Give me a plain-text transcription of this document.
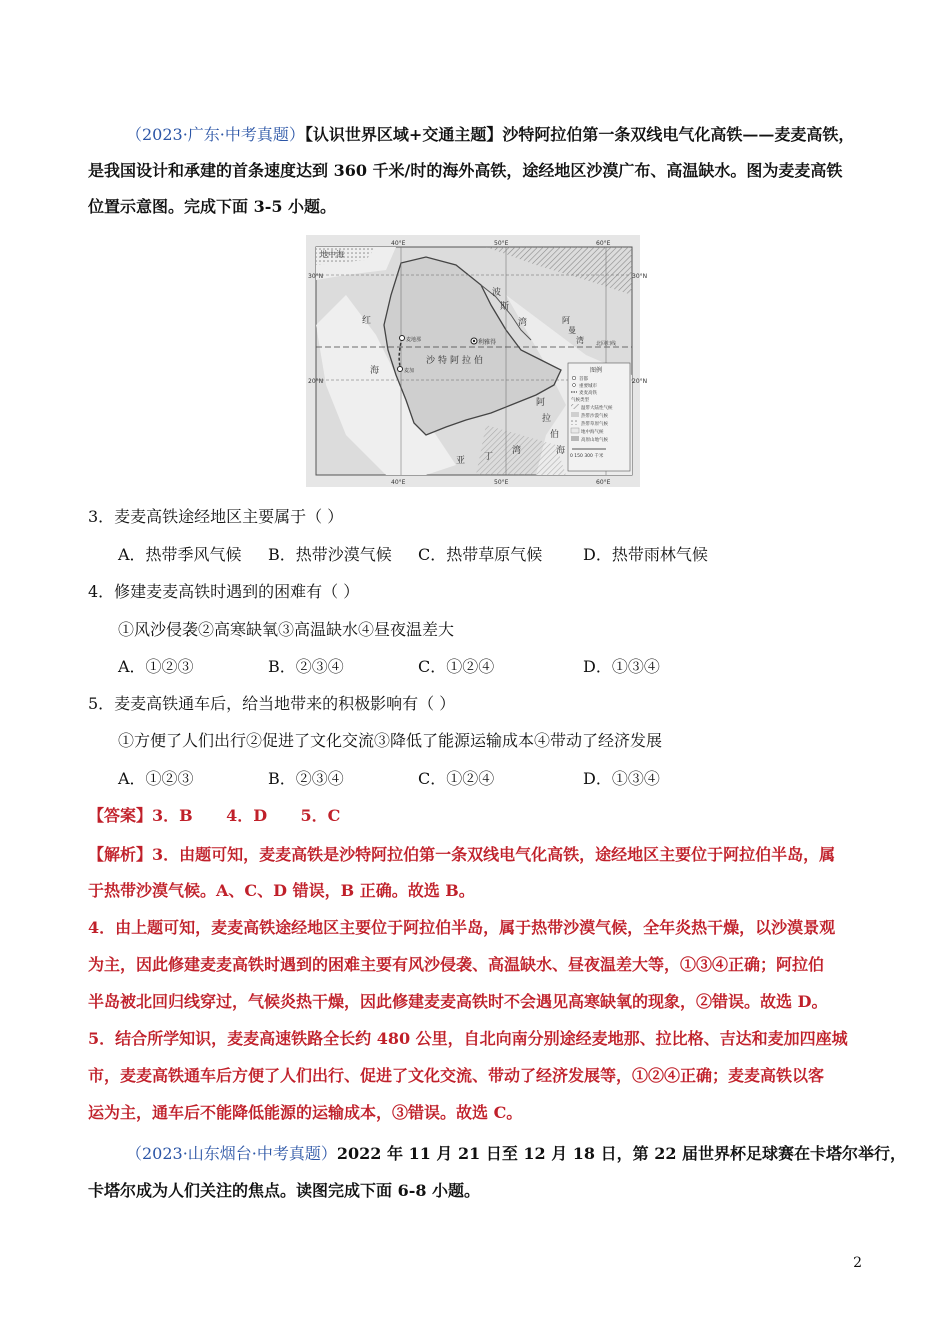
（2023·广东·中考真题）【认识世界区域+交通主题】沙特阿拉伯第一条双线电气化高铁——麦麦高铁，
是我国设计和承建的首条速度达到 360 千米/时的海外高铁，途经地区沙漠广布、高温缺水。图为麦麦高铁
位置示意图。完成下面 3-5 小题。
40°E	50°E	60°E
40°E	50°E	60°E
30°N
20°N
30°N
20°N
地中海
红
海
波
斯
湾	阿
曼
湾
亚 丁
湾
阿
拉
伯
海
沙特阿拉伯
利雅得
麦地那
麦加
北回归线
图例
首都
重要城市
麦麦高铁
气候类型
温带大陆性气候
热带沙漠气候
热带草原气候
地中海气候
高原山地气候
0 150 300 千米
3．麦麦高铁途经地区主要属于（ ）
A．热带季风气候 B．热带沙漠气候 C．热带草原气候	D．热带雨林气候
4．修建麦麦高铁时遇到的困难有（ ）
①风沙侵袭②高寒缺氧③高温缺水④昼夜温差大
A．①②③	B．②③④	C．①②④	D．①③④
5．麦麦高铁通车后，给当地带来的积极影响有（ ）
①方便了人们出行②促进了文化交流③降低了能源运输成本④带动了经济发展
A．①②③	B．②③④	C．①②④	D．①③④
【答案】3．B      4．D      5．C
【解析】3．由题可知，麦麦高铁是沙特阿拉伯第一条双线电气化高铁，途经地区主要位于阿拉伯半岛，属
于热带沙漠气候。A、C、D 错误，B 正确。故选 B。
4．由上题可知，麦麦高铁途经地区主要位于阿拉伯半岛，属于热带沙漠气候，全年炎热干燥，以沙漠景观
为主，因此修建麦麦高铁时遇到的困难主要有风沙侵袭、高温缺水、昼夜温差大等，①③④正确；阿拉伯
半岛被北回归线穿过，气候炎热干燥，因此修建麦麦高铁时不会遇见高寒缺氧的现象，②错误。故选 D。
5．结合所学知识，麦麦高速铁路全长约 480 公里，自北向南分别途经麦地那、拉比格、吉达和麦加四座城
市，麦麦高铁通车后方便了人们出行、促进了文化交流、带动了经济发展等，①②④正确；麦麦高铁以客
运为主，通车后不能降低能源的运输成本，③错误。故选 C。
（2023·山东烟台·中考真题）2022 年 11 月 21 日至 12 月 18 日，第 22 届世界杯足球赛在卡塔尔举行，
卡塔尔成为人们关注的焦点。读图完成下面 6-8 小题。
2
